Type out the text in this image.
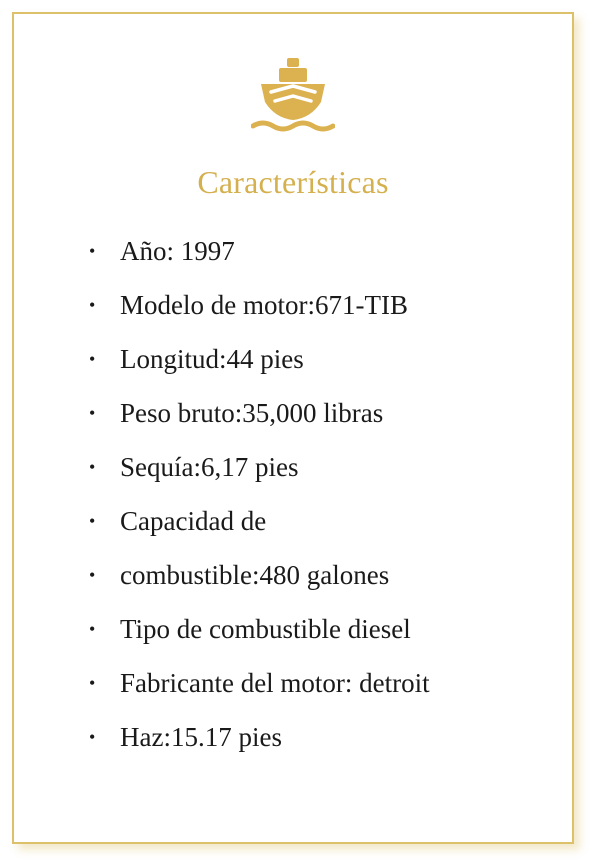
Características
• Año: 1997
• Modelo de motor:671-TIB
• Longitud:44 pies
• Peso bruto:35,000 libras
• Sequía:6,17 pies
• Capacidad de
• combustible:480 galones
• Tipo de combustible diesel
• Fabricante del motor: detroit
• Haz:15.17 pies
